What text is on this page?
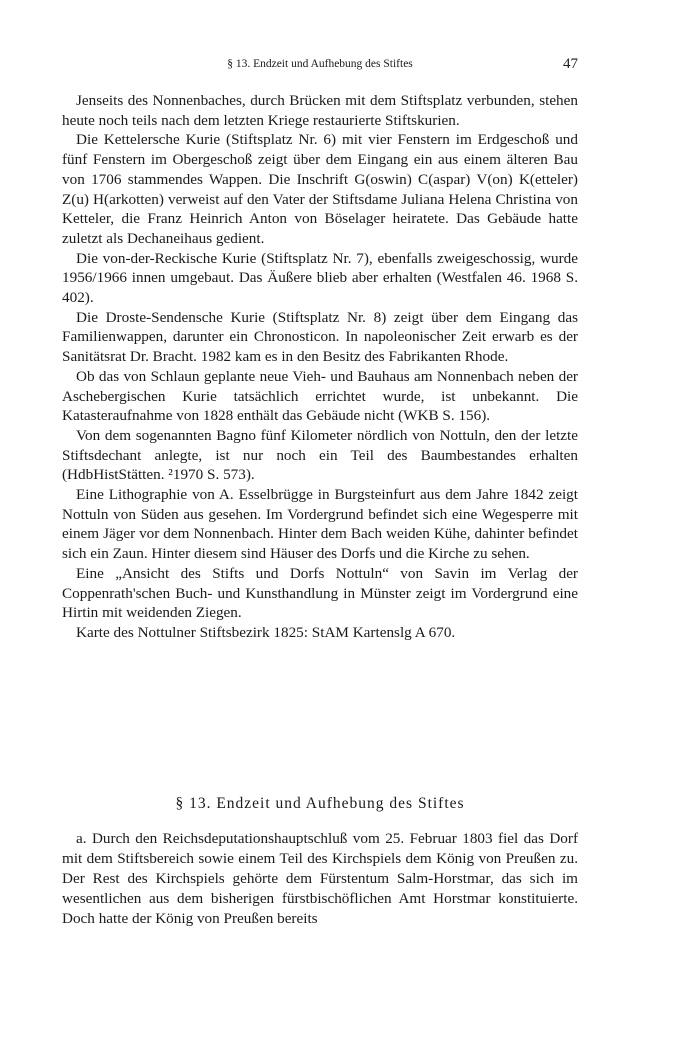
§ 13. Endzeit und Aufhebung des Stiftes	47

Jenseits des Nonnenbaches, durch Brücken mit dem Stiftsplatz verbunden, stehen heute noch teils nach dem letzten Kriege restaurierte Stiftskurien.

Die Kettelersche Kurie (Stiftsplatz Nr. 6) mit vier Fenstern im Erdgeschoß und fünf Fenstern im Obergeschoß zeigt über dem Eingang ein aus einem älteren Bau von 1706 stammendes Wappen. Die Inschrift G(oswin) C(aspar) V(on) K(etteler) Z(u) H(arkotten) verweist auf den Vater der Stiftsdame Juliana Helena Christina von Ketteler, die Franz Heinrich Anton von Böselager heiratete. Das Gebäude hatte zuletzt als Dechaneihaus gedient.

Die von-der-Reckische Kurie (Stiftsplatz Nr. 7), ebenfalls zweigeschossig, wurde 1956/1966 innen umgebaut. Das Äußere blieb aber erhalten (Westfalen 46. 1968 S. 402).

Die Droste-Sendensche Kurie (Stiftsplatz Nr. 8) zeigt über dem Eingang das Familienwappen, darunter ein Chronosticon. In napoleonischer Zeit erwarb es der Sanitätsrat Dr. Bracht. 1982 kam es in den Besitz des Fabrikanten Rhode.

Ob das von Schlaun geplante neue Vieh- und Bauhaus am Nonnenbach neben der Aschebergischen Kurie tatsächlich errichtet wurde, ist unbekannt. Die Katasteraufnahme von 1828 enthält das Gebäude nicht (WKB S. 156).

Von dem sogenannten Bagno fünf Kilometer nördlich von Nottuln, den der letzte Stiftsdechant anlegte, ist nur noch ein Teil des Baumbestandes erhalten (HdbHistStätten. ²1970 S. 573).

Eine Lithographie von A. Esselbrügge in Burgsteinfurt aus dem Jahre 1842 zeigt Nottuln von Süden aus gesehen. Im Vordergrund befindet sich eine Wegesperre mit einem Jäger vor dem Nonnenbach. Hinter dem Bach weiden Kühe, dahinter befindet sich ein Zaun. Hinter diesem sind Häuser des Dorfs und die Kirche zu sehen.

Eine „Ansicht des Stifts und Dorfs Nottuln“ von Savin im Verlag der Coppenrath'schen Buch- und Kunsthandlung in Münster zeigt im Vordergrund eine Hirtin mit weidenden Ziegen.

Karte des Nottulner Stiftsbezirk 1825: StAM Kartenslg A 670.

§ 13. Endzeit und Aufhebung des Stiftes

a. Durch den Reichsdeputationshauptschluß vom 25. Februar 1803 fiel das Dorf mit dem Stiftsbereich sowie einem Teil des Kirchspiels dem König von Preußen zu. Der Rest des Kirchspiels gehörte dem Fürstentum Salm-Horstmar, das sich im wesentlichen aus dem bisherigen fürstbischöflichen Amt Horstmar konstituierte. Doch hatte der König von Preußen bereits
